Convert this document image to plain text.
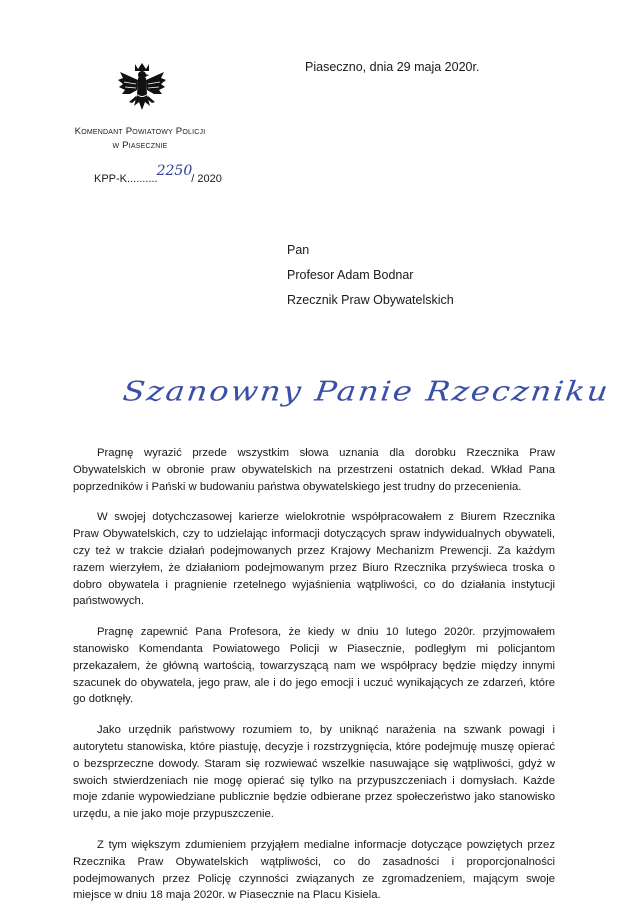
Piaseczno, dnia 29 maja 2020r.
Komendant Powiatowy Policji
w Piasecznie
KPP-K..........2250/ 2020
Pan
Profesor Adam Bodnar
Rzecznik Praw Obywatelskich
Szanowny Panie Rzeczniku

Pragnę wyrazić przede wszystkim słowa uznania dla dorobku Rzecznika Praw Obywatelskich w obronie praw obywatelskich na przestrzeni ostatnich dekad. Wkład Pana poprzedników i Pański w budowaniu państwa obywatelskiego jest trudny do przecenienia.

W swojej dotychczasowej karierze wielokrotnie współpracowałem z Biurem Rzecznika Praw Obywatelskich, czy to udzielając informacji dotyczących spraw indywidualnych obywateli, czy też w trakcie działań podejmowanych przez Krajowy Mechanizm Prewencji. Za każdym razem wierzyłem, że działaniom podejmowanym przez Biuro Rzecznika przyświeca troska o dobro obywatela i pragnienie rzetelnego wyjaśnienia wątpliwości, co do działania instytucji państwowych.

Pragnę zapewnić Pana Profesora, że kiedy w dniu 10 lutego 2020r. przyjmowałem stanowisko Komendanta Powiatowego Policji w Piasecznie, podległym mi policjantom przekazałem, że główną wartością, towarzyszącą nam we współpracy będzie między innymi szacunek do obywatela, jego praw, ale i do jego emocji i uczuć wynikających ze zdarzeń, które go dotknęły.

Jako urzędnik państwowy rozumiem to, by uniknąć narażenia na szwank powagi i autorytetu stanowiska, które piastuję, decyzje i rozstrzygnięcia, które podejmuję muszę opierać o bezsprzeczne dowody. Staram się rozwiewać wszelkie nasuwające się wątpliwości, gdyż w swoich stwierdzeniach nie mogę opierać się tylko na przypuszczeniach i domysłach. Każde moje zdanie wypowiedziane publicznie będzie odbierane przez społeczeństwo jako stanowisko urzędu, a nie jako moje przypuszczenie.

Z tym większym zdumieniem przyjąłem medialne informacje dotyczące powziętych przez Rzecznika Praw Obywatelskich wątpliwości, co do zasadności i proporcjonalności podejmowanych przez Policję czynności związanych ze zgromadzeniem, mającym swoje miejsce w dniu 18 maja 2020r. w Piasecznie na Placu Kisiela.
